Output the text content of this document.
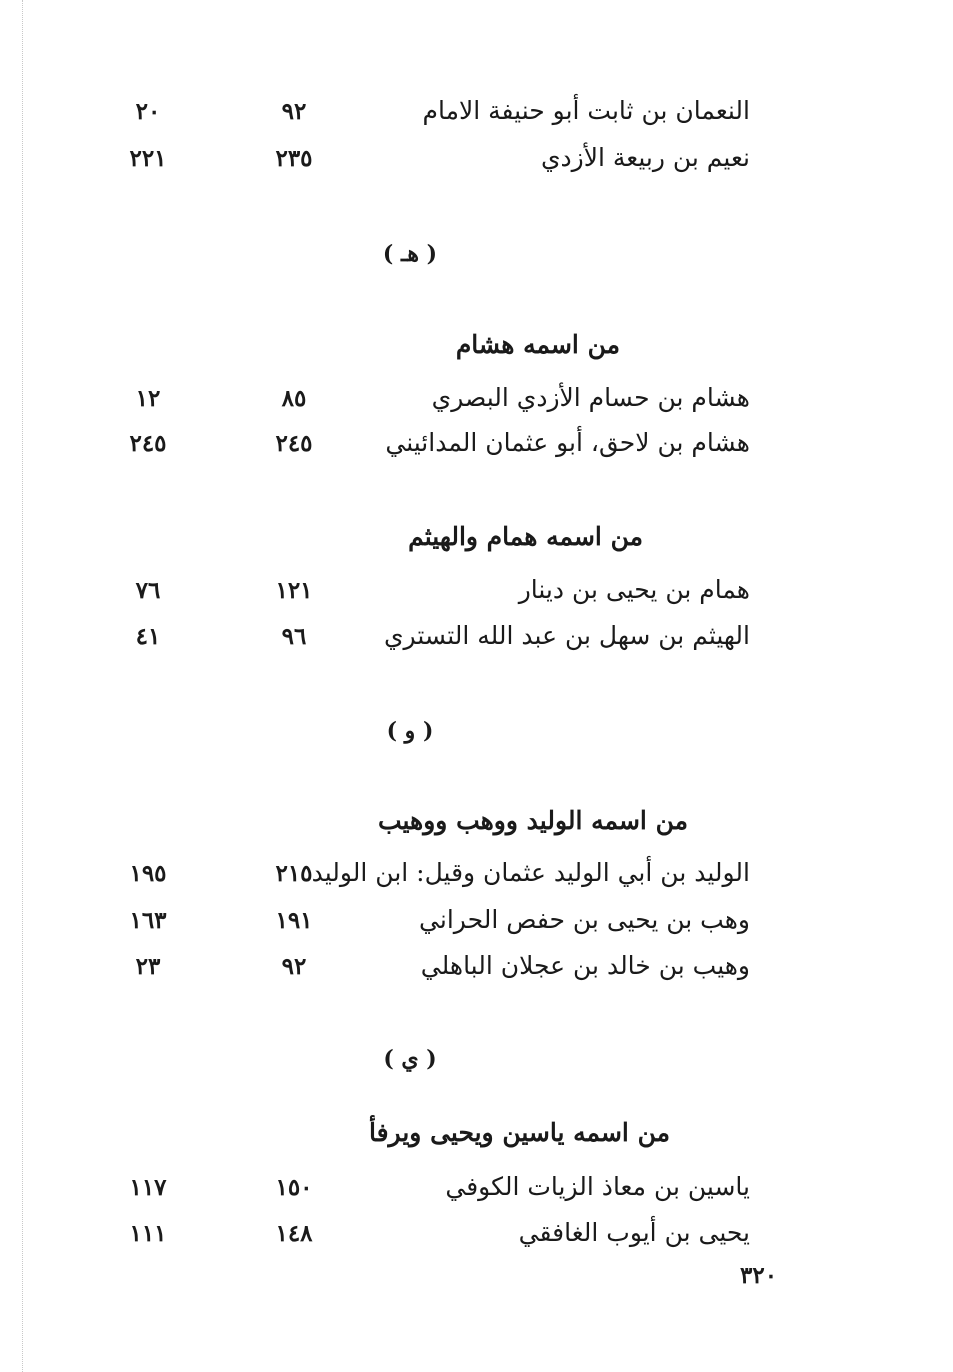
النعمان بن ثابت أبو حنيفة الامام
٩٢
٢٠
نعيم بن ربيعة الأزدي
٢٣٥
٢٢١
( هـ )
من اسمه هشام
هشام بن حسام الأزدي البصري
٨٥
١٢
هشام بن لاحق، أبو عثمان المدائيني
٢٤٥
٢٤٥
من اسمه همام والهيثم
همام بن يحيى بن دينار
١٢١
٧٦
الهيثم بن سهل بن عبد الله التستري
٩٦
٤١
( و )
من اسمه الوليد ووهب ووهيب
الوليد بن أبي الوليد عثمان وقيل: ابن الوليد
٢١٥
١٩٥
وهب بن يحيى بن حفص الحراني
١٩١
١٦٣
وهيب بن خالد بن عجلان الباهلي
٩٢
٢٣
( ي )
من اسمه ياسين ويحيى ويرفأ
ياسين بن معاذ الزيات الكوفي
١٥٠
١١٧
يحيى بن أيوب الغافقي
١٤٨
١١١
٣٢٠
